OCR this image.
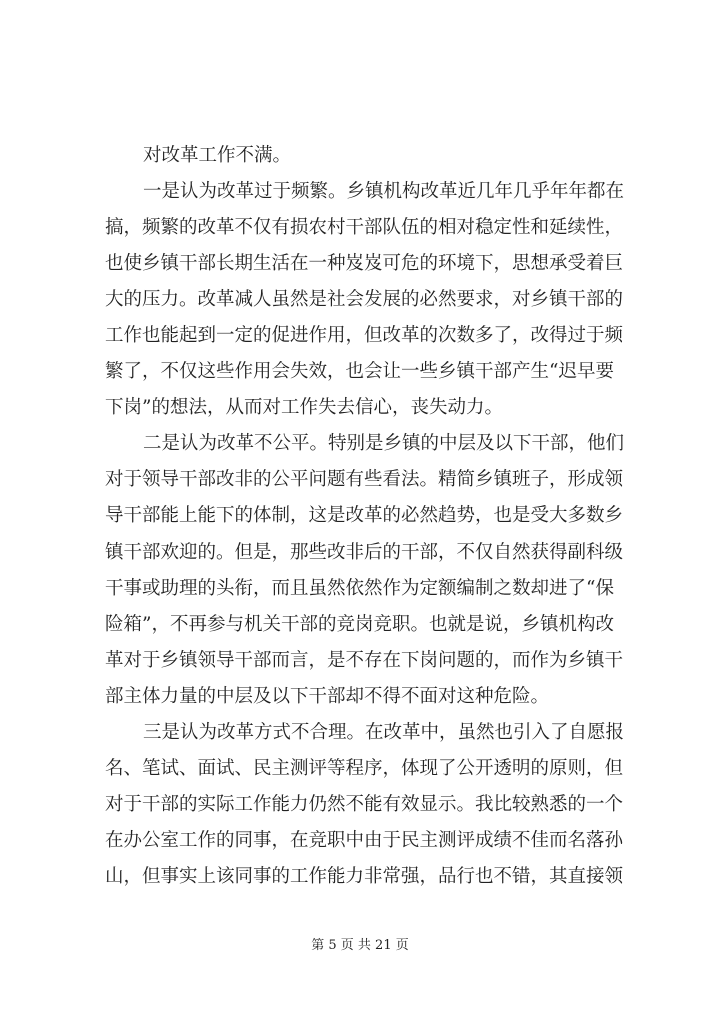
对改革工作不满。
一是认为改革过于频繁。乡镇机构改革近几年几乎年年都在
搞，频繁的改革不仅有损农村干部队伍的相对稳定性和延续性，
也使乡镇干部长期生活在一种岌岌可危的环境下，思想承受着巨
大的压力。改革减人虽然是社会发展的必然要求，对乡镇干部的
工作也能起到一定的促进作用，但改革的次数多了，改得过于频
繁了，不仅这些作用会失效，也会让一些乡镇干部产生“迟早要
下岗”的想法，从而对工作失去信心，丧失动力。
二是认为改革不公平。特别是乡镇的中层及以下干部，他们
对于领导干部改非的公平问题有些看法。精简乡镇班子，形成领
导干部能上能下的体制，这是改革的必然趋势，也是受大多数乡
镇干部欢迎的。但是，那些改非后的干部，不仅自然获得副科级
干事或助理的头衔，而且虽然依然作为定额编制之数却进了“保
险箱”，不再参与机关干部的竞岗竞职。也就是说，乡镇机构改
革对于乡镇领导干部而言，是不存在下岗问题的，而作为乡镇干
部主体力量的中层及以下干部却不得不面对这种危险。
三是认为改革方式不合理。在改革中，虽然也引入了自愿报
名、笔试、面试、民主测评等程序，体现了公开透明的原则，但
对于干部的实际工作能力仍然不能有效显示。我比较熟悉的一个
在办公室工作的同事，在竞职中由于民主测评成绩不佳而名落孙
山，但事实上该同事的工作能力非常强，品行也不错，其直接领
第 5 页 共 21 页
